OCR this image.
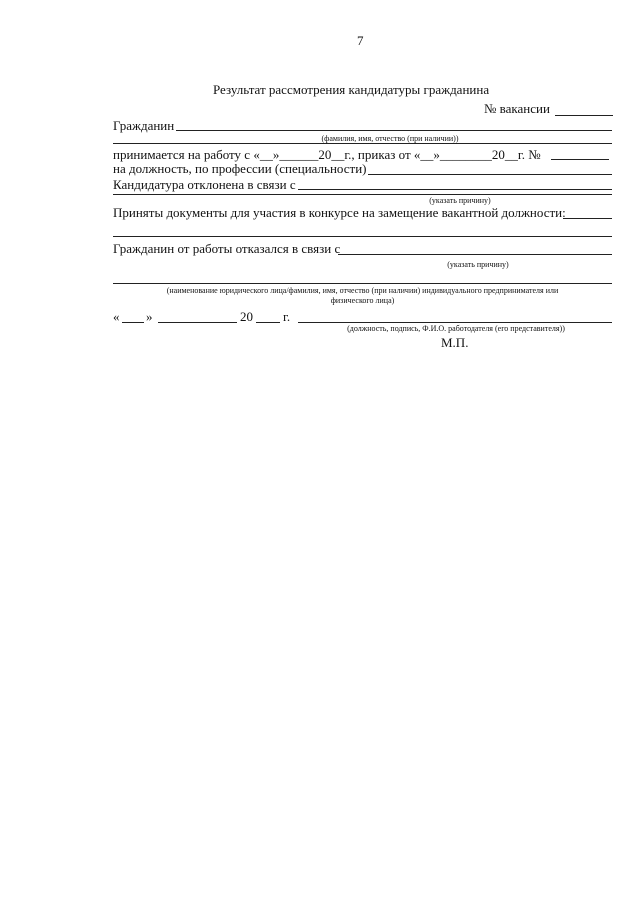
7
Результат рассмотрения кандидатуры гражданина
№ вакансии
Гражданин
(фамилия, имя, отчество (при наличии))
принимается на работу с «__»______20__г., приказ от «__»________20__г. №
на должность, по профессии (специальности)
Кандидатура отклонена в связи с
(указать причину)
Приняты документы для участия в конкурсе на замещение вакантной должности:
Гражданин от работы отказался в связи с
(указать причину)
(наименование юридического лица/фамилия, имя, отчество (при наличии) индивидуального предпринимателя или
физического лица)
« »	20 г.
(должность, подпись, Ф.И.О. работодателя (его представителя))
М.П.
